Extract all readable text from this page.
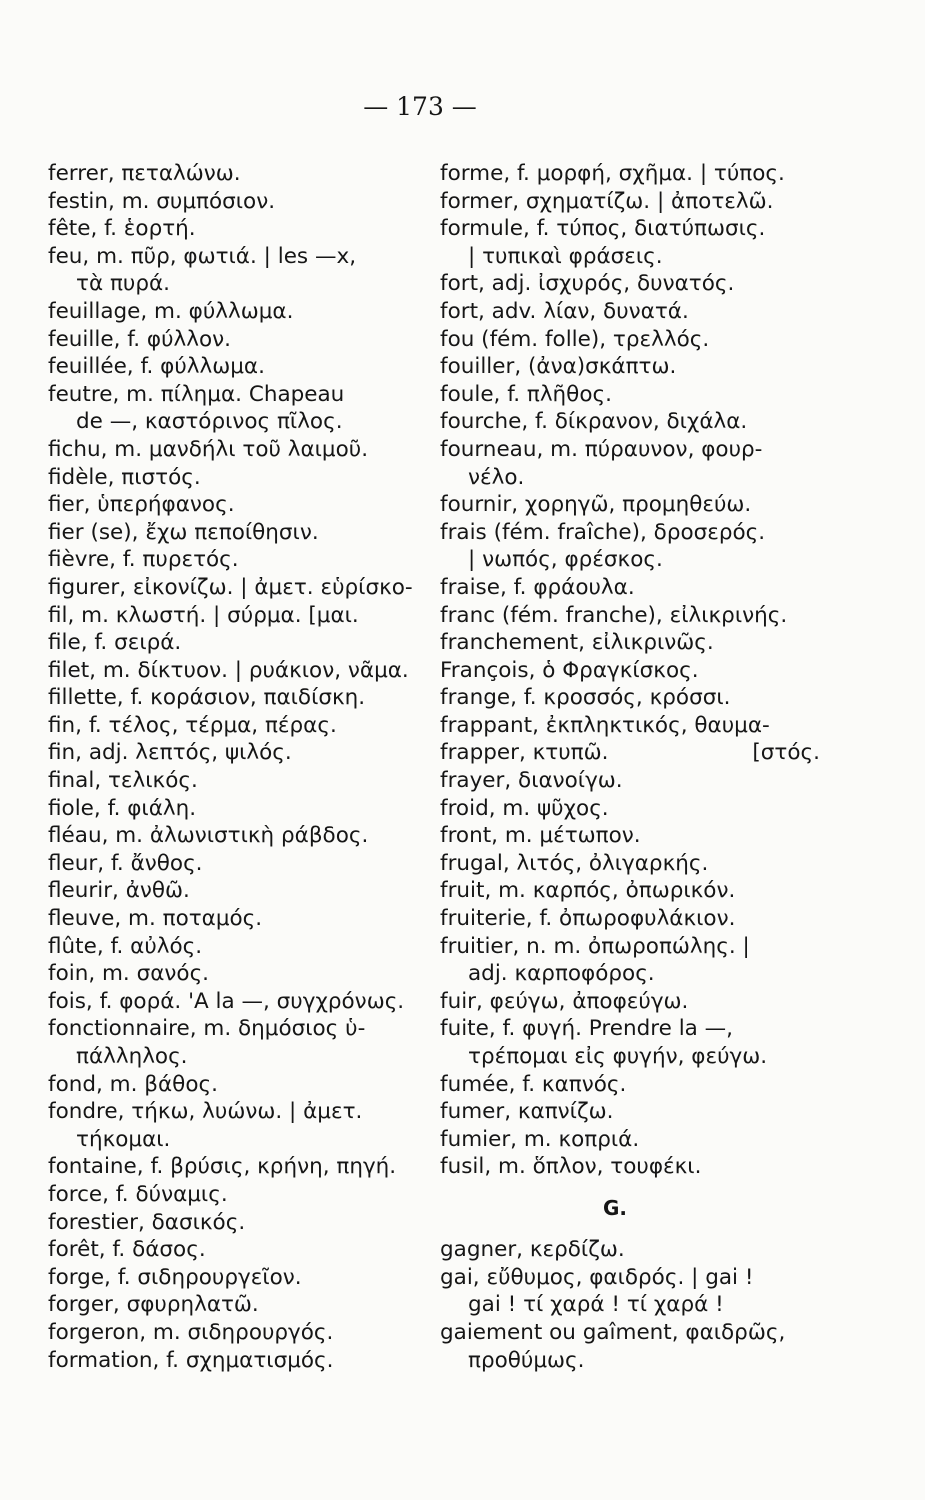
— 173 —
ferrer, πεταλώνω.
festin, m. συμπόσιον.
fête, f. ἑορτή.
feu, m. πῦρ, φωτιά. | les —x,
τὰ πυρά.
feuillage, m. φύλλωμα.
feuille, f. φύλλον.
feuillée, f. φύλλωμα.
feutre, m. πίλημα. Chapeau
de —, καστόρινος πῖλος.
fichu, m. μανδήλι τοῦ λαιμοῦ.
fidèle, πιστός.
fier, ὑπερήφανος.
fier (se), ἔχω πεποίθησιν.
fièvre, f. πυρετός.
figurer, εἰκονίζω. | ἀμετ. εὑρίσκο-
fil, m. κλωστή. | σύρμα. [μαι.
file, f. σειρά.
filet, m. δίκτυον. | ρυάκιον, νᾶμα.
fillette, f. κοράσιον, παιδίσκη.
fin, f. τέλος, τέρμα, πέρας.
fin, adj. λεπτός, ψιλός.
final, τελικός.
fiole, f. φιάλη.
fléau, m. ἀλωνιστικὴ ράβδος.
fleur, f. ἄνθος.
fleurir, ἀνθῶ.
fleuve, m. ποταμός.
flûte, f. αὐλός.
foin, m. σανός.
fois, f. φορά. 'A la —, συγχρόνως.
fonctionnaire, m. δημόσιος ὑ-
πάλληλος.
fond, m. βάθος.
fondre, τήκω, λυώνω. | ἀμετ.
τήκομαι.
fontaine, f. βρύσις, κρήνη, πηγή.
force, f. δύναμις.
forestier, δασικός.
forêt, f. δάσος.
forge, f. σιδηρουργεῖον.
forger, σφυρηλατῶ.
forgeron, m. σιδηρουργός.
formation, f. σχηματισμός.
forme, f. μορφή, σχῆμα. | τύπος.
former, σχηματίζω. | ἀποτελῶ.
formule, f. τύπος, διατύπωσις.
| τυπικαὶ φράσεις.
fort, adj. ἰσχυρός, δυνατός.
fort, adv. λίαν, δυνατά.
fou (fém. folle), τρελλός.
fouiller, (ἀνα)σκάπτω.
foule, f. πλῆθος.
fourche, f. δίκρανον, διχάλα.
fourneau, m. πύραυνον, φουρ-
νέλο.
fournir, χορηγῶ, προμηθεύω.
frais (fém. fraîche), δροσερός.
| νωπός, φρέσκος.
fraise, f. φράουλα.
franc (fém. franche), εἰλικρινής.
franchement, εἰλικρινῶς.
François, ὁ Φραγκίσκος.
frange, f. κροσσός, κρόσσι.
frappant, ἐκπληκτικός, θαυμα-
frapper, κτυπῶ.	[στός.
frayer, διανοίγω.
froid, m. ψῦχος.
front, m. μέτωπον.
frugal, λιτός, ὀλιγαρκής.
fruit, m. καρπός, ὀπωρικόν.
fruiterie, f. ὀπωροφυλάκιον.
fruitier, n. m. ὀπωροπώλης. |
adj. καρποφόρος.
fuir, φεύγω, ἀποφεύγω.
fuite, f. φυγή. Prendre la —,
τρέπομαι εἰς φυγήν, φεύγω.
fumée, f. καπνός.
fumer, καπνίζω.
fumier, m. κοπριά.
fusil, m. ὅπλον, τουφέκι.
G.
gagner, κερδίζω.
gai, εὔθυμος, φαιδρός. | gai !
gai ! τί χαρά ! τί χαρά !
gaiement ou gaîment, φαιδρῶς,
προθύμως.
